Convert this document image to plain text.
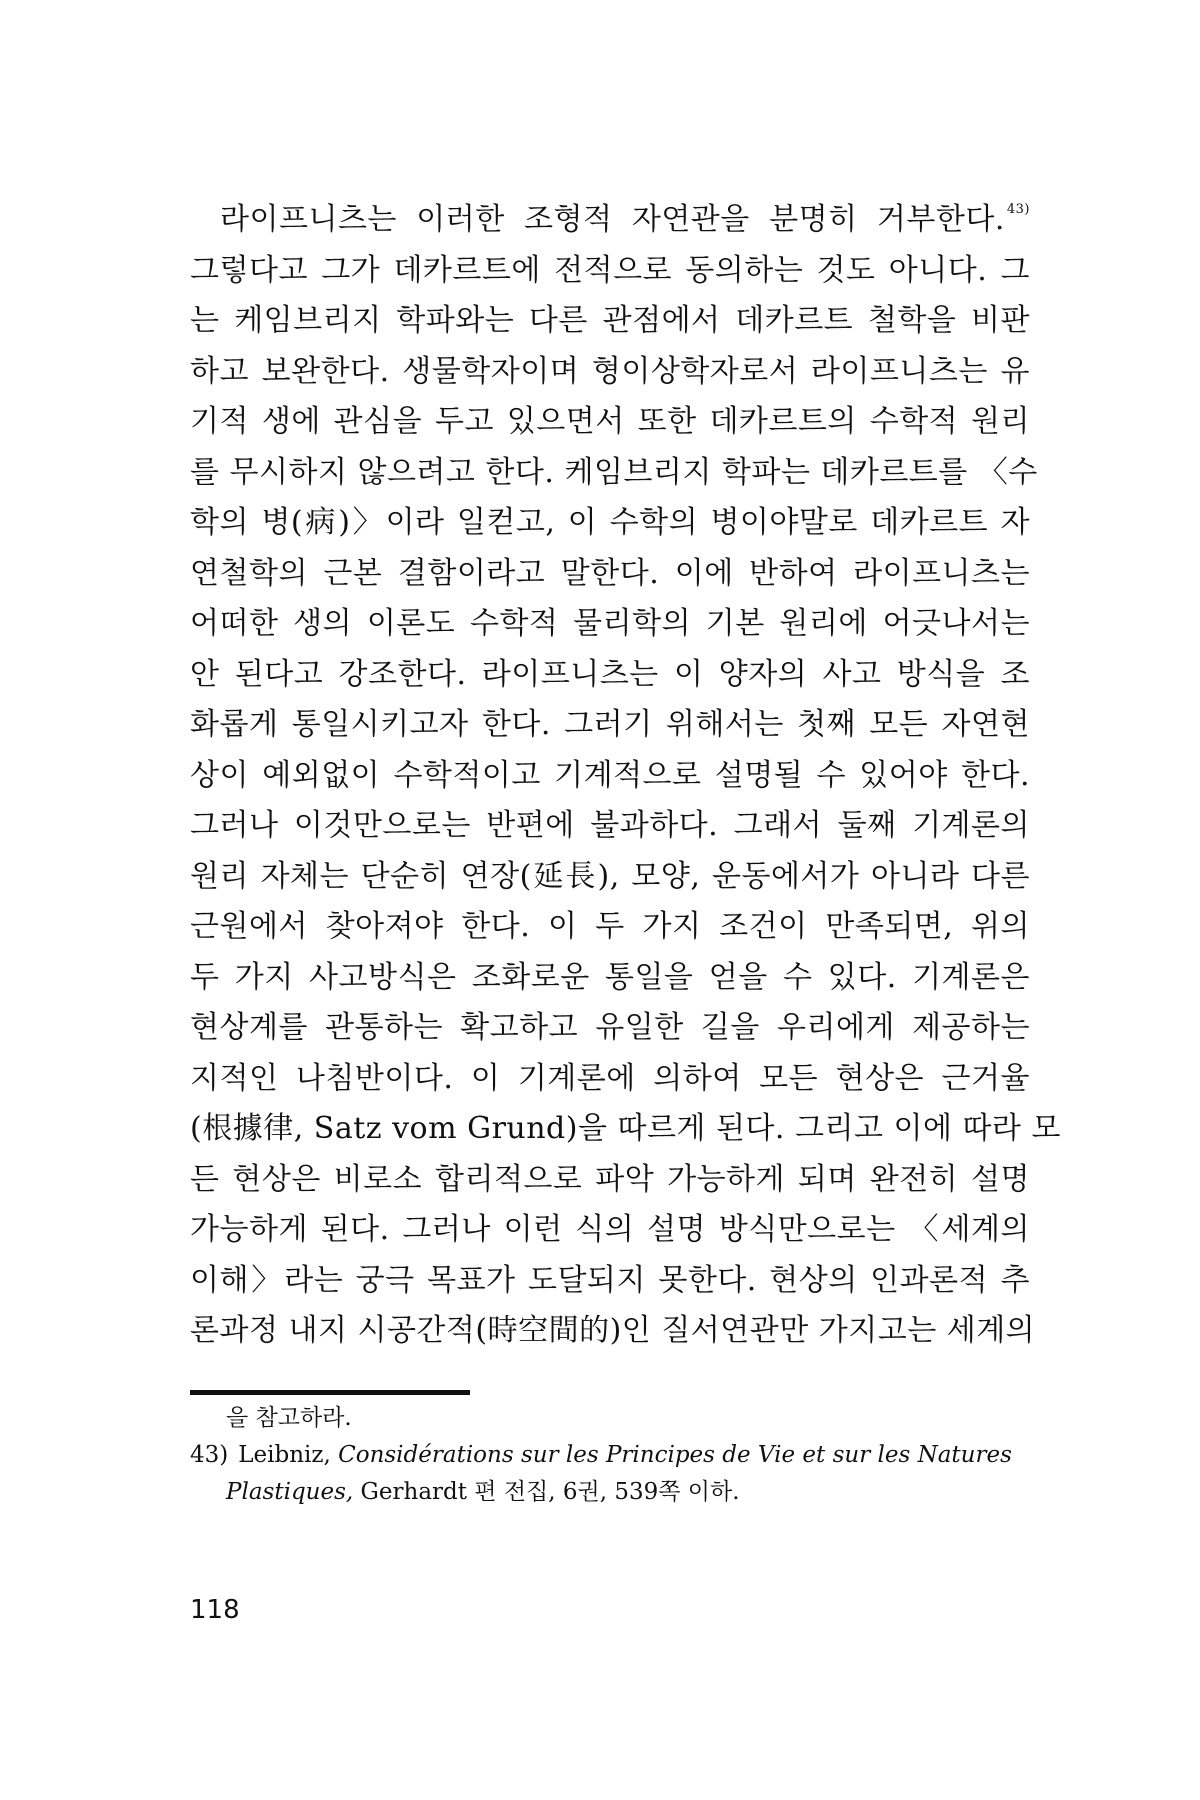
라이프니츠는 이러한 조형적 자연관을 분명히 거부한다. $^{43)}$
그렇다고 그가 데카르트에 전적으로 동의하는 것도 아니다. 그
는 케임브리지 학파와는 다른 관점에서 데카르트 철학을 비판
하고 보완한다. 생물학자이며 형이상학자로서 라이프니츠는 유
기적 생에 관심을 두고 있으면서 또한 데카르트의 수학적 원리
를 무시하지 않으려고 한다. 케임브리지 학파는 데카르트를 〈수
학의 병(病)〉이라 일컫고, 이 수학의 병이야말로 데카르트 자
연철학의 근본 결함이라고 말한다. 이에 반하여 라이프니츠는
어떠한 생의 이론도 수학적 물리학의 기본 원리에 어긋나서는
안 된다고 강조한다. 라이프니츠는 이 양자의 사고 방식을 조
화롭게 통일시키고자 한다. 그러기 위해서는 첫째 모든 자연현
상이 예외없이 수학적이고 기계적으로 설명될 수 있어야 한다.
그러나 이것만으로는 반편에 불과하다. 그래서 둘째 기계론의
원리 자체는 단순히 연장(延長), 모양, 운동에서가 아니라 다른
근원에서 찾아져야 한다. 이 두 가지 조건이 만족되면, 위의
두 가지 사고방식은 조화로운 통일을 얻을 수 있다. 기계론은
현상계를 관통하는 확고하고 유일한 길을 우리에게 제공하는
지적인 나침반이다. 이 기계론에 의하여 모든 현상은 근거율
(根據律, Satz vom Grund)을 따르게 된다. 그리고 이에 따라 모
든 현상은 비로소 합리적으로 파악 가능하게 되며 완전히 설명
가능하게 된다. 그러나 이런 식의 설명 방식만으로는 〈세계의
이해〉라는 궁극 목표가 도달되지 못한다. 현상의 인과론적 추
론과정 내지 시공간적(時空間的)인 질서연관만 가지고는 세계의
을 참고하라.
43) Leibniz, Considérations sur les Principes de Vie et sur les Natures
Plastiques, Gerhardt 편 전집, 6권, 539쪽 이하.
118
